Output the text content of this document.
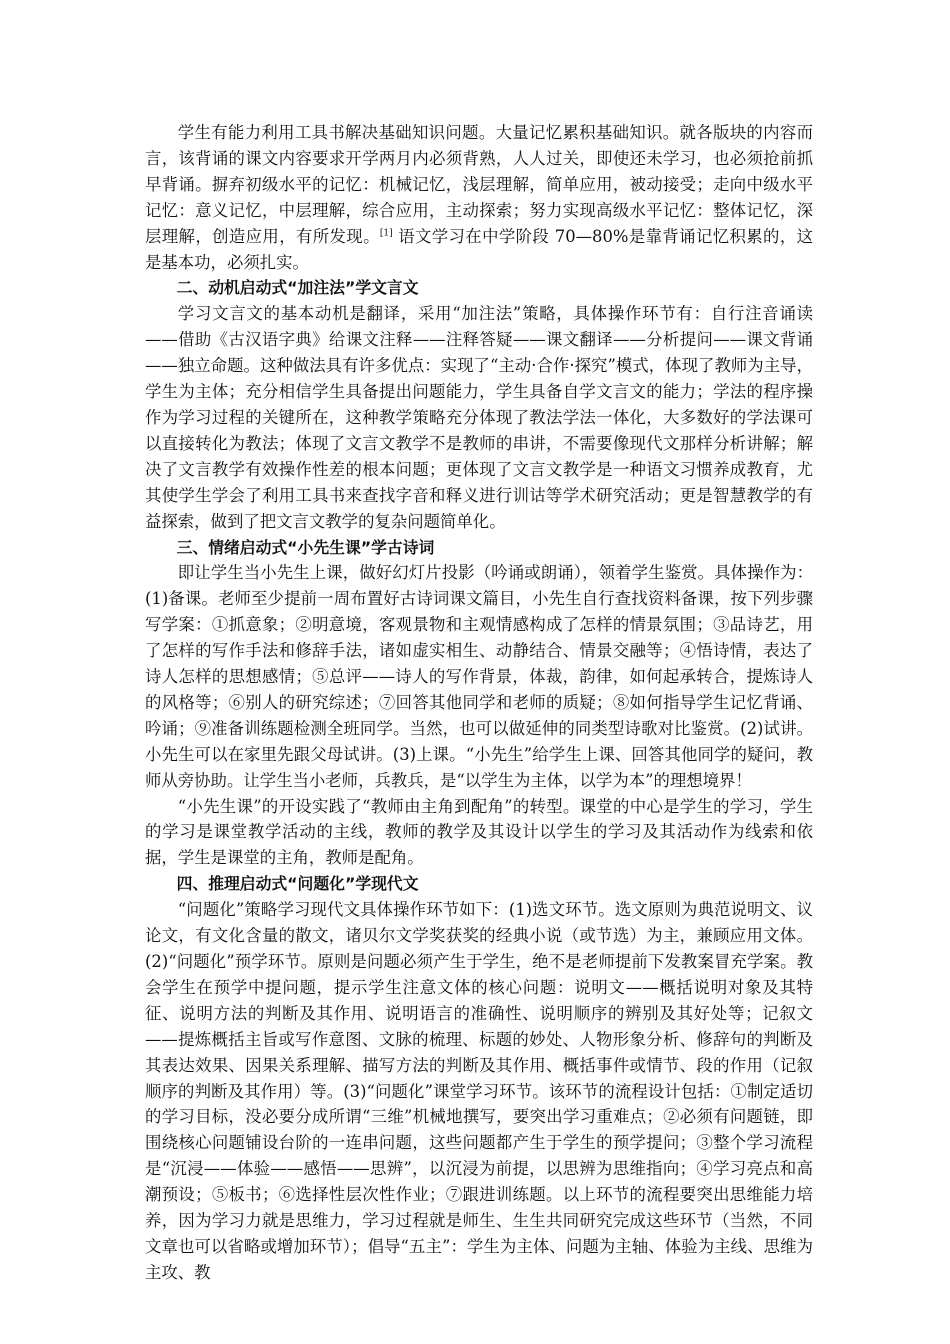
学生有能力利用工具书解决基础知识问题。大量记忆累积基础知识。就各版块的内容而言，该背诵的课文内容要求开学两月内必须背熟，人人过关，即使还未学习，也必须抢前抓早背诵。摒弃初级水平的记忆：机械记忆，浅层理解，简单应用，被动接受；走向中级水平记忆：意义记忆，中层理解，综合应用，主动探索；努力实现高级水平记忆：整体记忆，深层理解，创造应用，有所发现。[1] 语文学习在中学阶段 70—80%是靠背诵记忆积累的，这是基本功，必须扎实。

二、动机启动式“加注法”学文言文

学习文言文的基本动机是翻译，采用“加注法”策略，具体操作环节有：自行注音诵读——借助《古汉语字典》给课文注释——注释答疑——课文翻译——分析提问——课文背诵——独立命题。这种做法具有许多优点：实现了“主动·合作·探究”模式，体现了教师为主导，学生为主体；充分相信学生具备提出问题能力，学生具备自学文言文的能力；学法的程序操作为学习过程的关键所在，这种教学策略充分体现了教法学法一体化，大多数好的学法课可以直接转化为教法；体现了文言文教学不是教师的串讲，不需要像现代文那样分析讲解；解决了文言教学有效操作性差的根本问题；更体现了文言文教学是一种语文习惯养成教育，尤其使学生学会了利用工具书来查找字音和释义进行训诂等学术研究活动；更是智慧教学的有益探索，做到了把文言文教学的复杂问题简单化。

三、情绪启动式“小先生课”学古诗词

即让学生当小先生上课，做好幻灯片投影（吟诵或朗诵），领着学生鉴赏。具体操作为：(1)备课。老师至少提前一周布置好古诗词课文篇目，小先生自行查找资料备课，按下列步骤写学案：①抓意象；②明意境，客观景物和主观情感构成了怎样的情景氛围；③品诗艺，用了怎样的写作手法和修辞手法，诸如虚实相生、动静结合、情景交融等；④悟诗情，表达了诗人怎样的思想感情；⑤总评——诗人的写作背景，体裁，韵律，如何起承转合，提炼诗人的风格等；⑥别人的研究综述；⑦回答其他同学和老师的质疑；⑧如何指导学生记忆背诵、吟诵；⑨准备训练题检测全班同学。当然，也可以做延伸的同类型诗歌对比鉴赏。(2)试讲。小先生可以在家里先跟父母试讲。(3)上课。“小先生”给学生上课、回答其他同学的疑问，教师从旁协助。让学生当小老师，兵教兵，是“以学生为主体，以学为本”的理想境界！

“小先生课”的开设实践了“教师由主角到配角”的转型。课堂的中心是学生的学习，学生的学习是课堂教学活动的主线，教师的教学及其设计以学生的学习及其活动作为线索和依据，学生是课堂的主角，教师是配角。

四、推理启动式“问题化”学现代文

“问题化”策略学习现代文具体操作环节如下：(1)选文环节。选文原则为典范说明文、议论文，有文化含量的散文，诸贝尔文学奖获奖的经典小说（或节选）为主，兼顾应用文体。(2)“问题化”预学环节。原则是问题必须产生于学生，绝不是老师提前下发教案冒充学案。教会学生在预学中提问题，提示学生注意文体的核心问题：说明文——概括说明对象及其特征、说明方法的判断及其作用、说明语言的准确性、说明顺序的辨别及其好处等；记叙文——提炼概括主旨或写作意图、文脉的梳理、标题的妙处、人物形象分析、修辞句的判断及其表达效果、因果关系理解、描写方法的判断及其作用、概括事件或情节、段的作用（记叙顺序的判断及其作用）等。(3)“问题化”课堂学习环节。该环节的流程设计包括：①制定适切的学习目标，没必要分成所谓“三维”机械地撰写，要突出学习重难点；②必须有问题链，即围绕核心问题铺设台阶的一连串问题，这些问题都产生于学生的预学提问；③整个学习流程是“沉浸——体验——感悟——思辨”，以沉浸为前提，以思辨为思维指向；④学习亮点和高潮预设；⑤板书；⑥选择性层次性作业；⑦跟进训练题。以上环节的流程要突出思维能力培养，因为学习力就是思维力，学习过程就是师生、生生共同研究完成这些环节（当然，不同文章也可以省略或增加环节）；倡导“五主”：学生为主体、问题为主轴、体验为主线、思维为主攻、教
